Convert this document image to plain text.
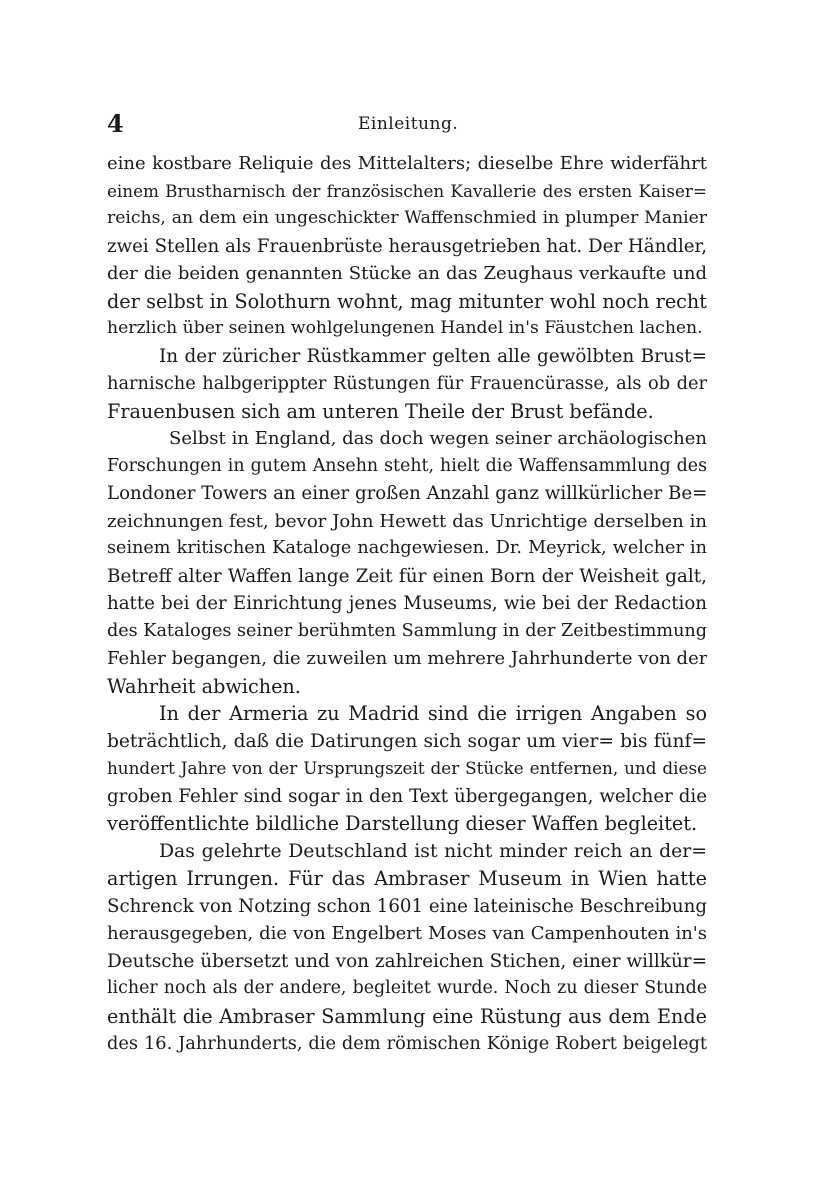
4	Einleitung.
eine kostbare Reliquie des Mittelalters; dieselbe Ehre widerfährt
einem Brustharnisch der französischen Kavallerie des ersten Kaiser=
reichs, an dem ein ungeschickter Waffenschmied in plumper Manier
zwei Stellen als Frauenbrüste herausgetrieben hat. Der Händler,
der die beiden genannten Stücke an das Zeughaus verkaufte und
der selbst in Solothurn wohnt, mag mitunter wohl noch recht
herzlich über seinen wohlgelungenen Handel in's Fäustchen lachen.
In der züricher Rüstkammer gelten alle gewölbten Brust=
harnische halbgerippter Rüstungen für Frauencürasse, als ob der
Frauenbusen sich am unteren Theile der Brust befände.
Selbst in England, das doch wegen seiner archäologischen
Forschungen in gutem Ansehn steht, hielt die Waffensammlung des
Londoner Towers an einer großen Anzahl ganz willkürlicher Be=
zeichnungen fest, bevor John Hewett das Unrichtige derselben in
seinem kritischen Kataloge nachgewiesen. Dr. Meyrick, welcher in
Betreff alter Waffen lange Zeit für einen Born der Weisheit galt,
hatte bei der Einrichtung jenes Museums, wie bei der Redaction
des Kataloges seiner berühmten Sammlung in der Zeitbestimmung
Fehler begangen, die zuweilen um mehrere Jahrhunderte von der
Wahrheit abwichen.
In der Armeria zu Madrid sind die irrigen Angaben so
beträchtlich, daß die Datirungen sich sogar um vier= bis fünf=
hundert Jahre von der Ursprungszeit der Stücke entfernen, und diese
groben Fehler sind sogar in den Text übergegangen, welcher die
veröffentlichte bildliche Darstellung dieser Waffen begleitet.
Das gelehrte Deutschland ist nicht minder reich an der=
artigen Irrungen. Für das Ambraser Museum in Wien hatte
Schrenck von Notzing schon 1601 eine lateinische Beschreibung
herausgegeben, die von Engelbert Moses van Campenhouten in's
Deutsche übersetzt und von zahlreichen Stichen, einer willkür=
licher noch als der andere, begleitet wurde. Noch zu dieser Stunde
enthält die Ambraser Sammlung eine Rüstung aus dem Ende
des 16. Jahrhunderts, die dem römischen Könige Robert beigelegt
